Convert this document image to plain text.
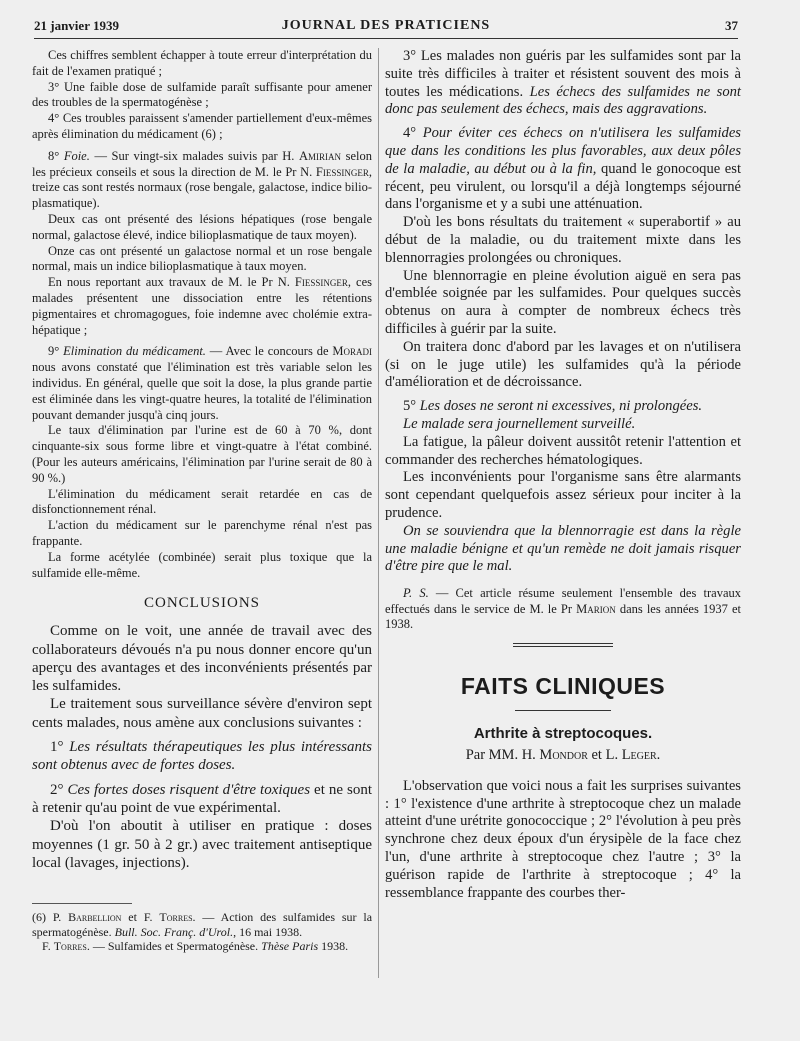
21 janvier 1939	JOURNAL DES PRATICIENS	37

Ces chiffres semblent échapper à toute erreur d'interprétation du fait de l'examen pratiqué ;

3° Une faible dose de sulfamide paraît suffisante pour amener des troubles de la spermatogénèse ;

4° Ces troubles paraissent s'amender partiellement d'eux-mêmes après élimination du médicament (6) ;

8° Foie. — Sur vingt-six malades suivis par H. Amirian selon les précieux conseils et sous la direction de M. le Pr N. Fiessinger, treize cas sont restés normaux (rose bengale, galactose, indice bilio-plasmatique).

Deux cas ont présenté des lésions hépatiques (rose bengale normal, galactose élevé, indice bilioplasmatique de taux moyen).

Onze cas ont présenté un galactose normal et un rose bengale normal, mais un indice bilioplasmatique à taux moyen.

En nous reportant aux travaux de M. le Pr N. Fiessinger, ces malades présentent une dissociation entre les rétentions pigmentaires et chromagogues, foie indemne avec cholémie extra-hépatique ;

9° Elimination du médicament. — Avec le concours de Moradi nous avons constaté que l'élimination est très variable selon les individus. En général, quelle que soit la dose, la plus grande partie est éliminée dans les vingt-quatre heures, la totalité de l'élimination pouvant demander jusqu'à cinq jours.

Le taux d'élimination par l'urine est de 60 à 70 %, dont cinquante-six sous forme libre et vingt-quatre à l'état combiné. (Pour les auteurs américains, l'élimination par l'urine serait de 80 à 90 %.)

L'élimination du médicament serait retardée en cas de disfonctionnement rénal.

L'action du médicament sur le parenchyme rénal n'est pas frappante.

La forme acétylée (combinée) serait plus toxique que la sulfamide elle-même.

CONCLUSIONS

Comme on le voit, une année de travail avec des collaborateurs dévoués n'a pu nous donner encore qu'un aperçu des avantages et des inconvénients présentés par les sulfamides.

Le traitement sous surveillance sévère d'environ sept cents malades, nous amène aux conclusions suivantes :

1° Les résultats thérapeutiques les plus intéressants sont obtenus avec de fortes doses.

2° Ces fortes doses risquent d'être toxiques et ne sont à retenir qu'au point de vue expérimental.

D'où l'on aboutit à utiliser en pratique : doses moyennes (1 gr. 50 à 2 gr.) avec traitement antiseptique local (lavages, injections).

(6) P. Barbellion et F. Torres. — Action des sulfamides sur la spermatogénèse. Bull. Soc. Franç. d'Urol., 16 mai 1938.

F. Torres. — Sulfamides et Spermatogénèse. Thèse Paris 1938.

3° Les malades non guéris par les sulfamides sont par la suite très difficiles à traiter et résistent souvent des mois à toutes les médications. Les échecs des sulfamides ne sont donc pas seulement des échecs, mais des aggravations.

4° Pour éviter ces échecs on n'utilisera les sulfamides que dans les conditions les plus favorables, aux deux pôles de la maladie, au début ou à la fin, quand le gonocoque est récent, peu virulent, ou lorsqu'il a déjà longtemps séjourné dans l'organisme et y a subi une atténuation.

D'où les bons résultats du traitement « superabortif » au début de la maladie, ou du traitement mixte dans les blennorragies prolongées ou chroniques.

Une blennorragie en pleine évolution aiguë en sera pas d'emblée soignée par les sulfamides. Pour quelques succès obtenus on aura à compter de nombreux échecs très difficiles à guérir par la suite.

On traitera donc d'abord par les lavages et on n'utilisera (si on le juge utile) les sulfamides qu'à la période d'amélioration et de décroissance.

5° Les doses ne seront ni excessives, ni prolongées.

Le malade sera journellement surveillé.

La fatigue, la pâleur doivent aussitôt retenir l'attention et commander des recherches hématologiques.

Les inconvénients pour l'organisme sans être alarmants sont cependant quelquefois assez sérieux pour inciter à la prudence.

On se souviendra que la blennorragie est dans la règle une maladie bénigne et qu'un remède ne doit jamais risquer d'être pire que le mal.

P. S. — Cet article résume seulement l'ensemble des travaux effectués dans le service de M. le Pr Marion dans les années 1937 et 1938.

FAITS CLINIQUES
Arthrite à streptocoques.
Par MM. H. Mondor et L. Leger.

L'observation que voici nous a fait les surprises suivantes : 1° l'existence d'une arthrite à streptocoque chez un malade atteint d'une urétrite gonococcique ; 2° l'évolution à peu près synchrone chez deux époux d'un érysipèle de la face chez l'un, d'une arthrite à streptocoque chez l'autre ; 3° la guérison rapide de l'arthrite à streptocoque ; 4° la ressemblance frappante des courbes ther-
